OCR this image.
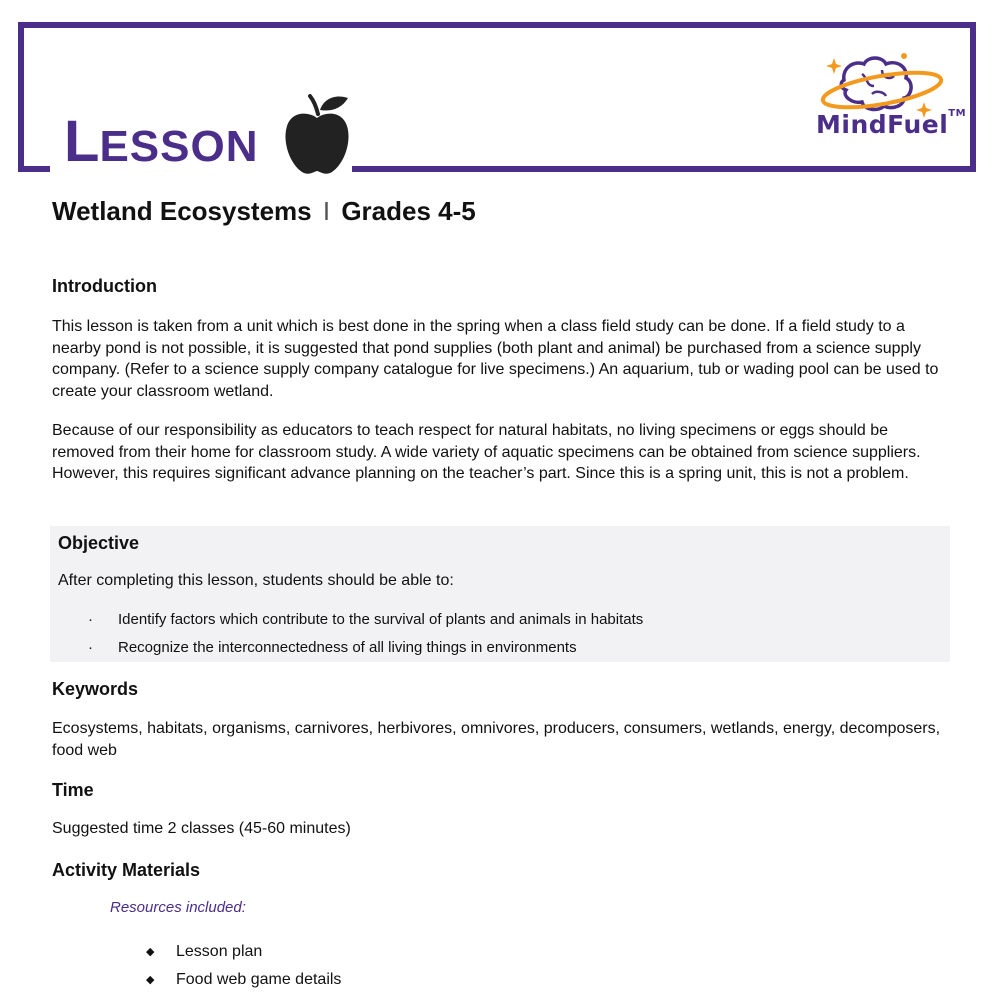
LESSON	MindFuel™
Wetland Ecosystems I Grades 4-5
Introduction

This lesson is taken from a unit which is best done in the spring when a class field study can be done. If a field study to a nearby pond is not possible, it is suggested that pond supplies (both plant and animal) be purchased from a science supply company. (Refer to a science supply company catalogue for live specimens.) An aquarium, tub or wading pool can be used to create your classroom wetland.

Because of our responsibility as educators to teach respect for natural habitats, no living specimens or eggs should be removed from their home for classroom study. A wide variety of aquatic specimens can be obtained from science suppliers. However, this requires significant advance planning on the teacher’s part. Since this is a spring unit, this is not a problem.

Objective
After completing this lesson, students should be able to:
· Identify factors which contribute to the survival of plants and animals in habitats
· Recognize the interconnectedness of all living things in environments
Keywords

Ecosystems, habitats, organisms, carnivores, herbivores, omnivores, producers, consumers, wetlands, energy, decomposers, food web

Time

Suggested time 2 classes (45-60 minutes)

Activity Materials
Resources included:
◆ Lesson plan
◆ Food web game details
